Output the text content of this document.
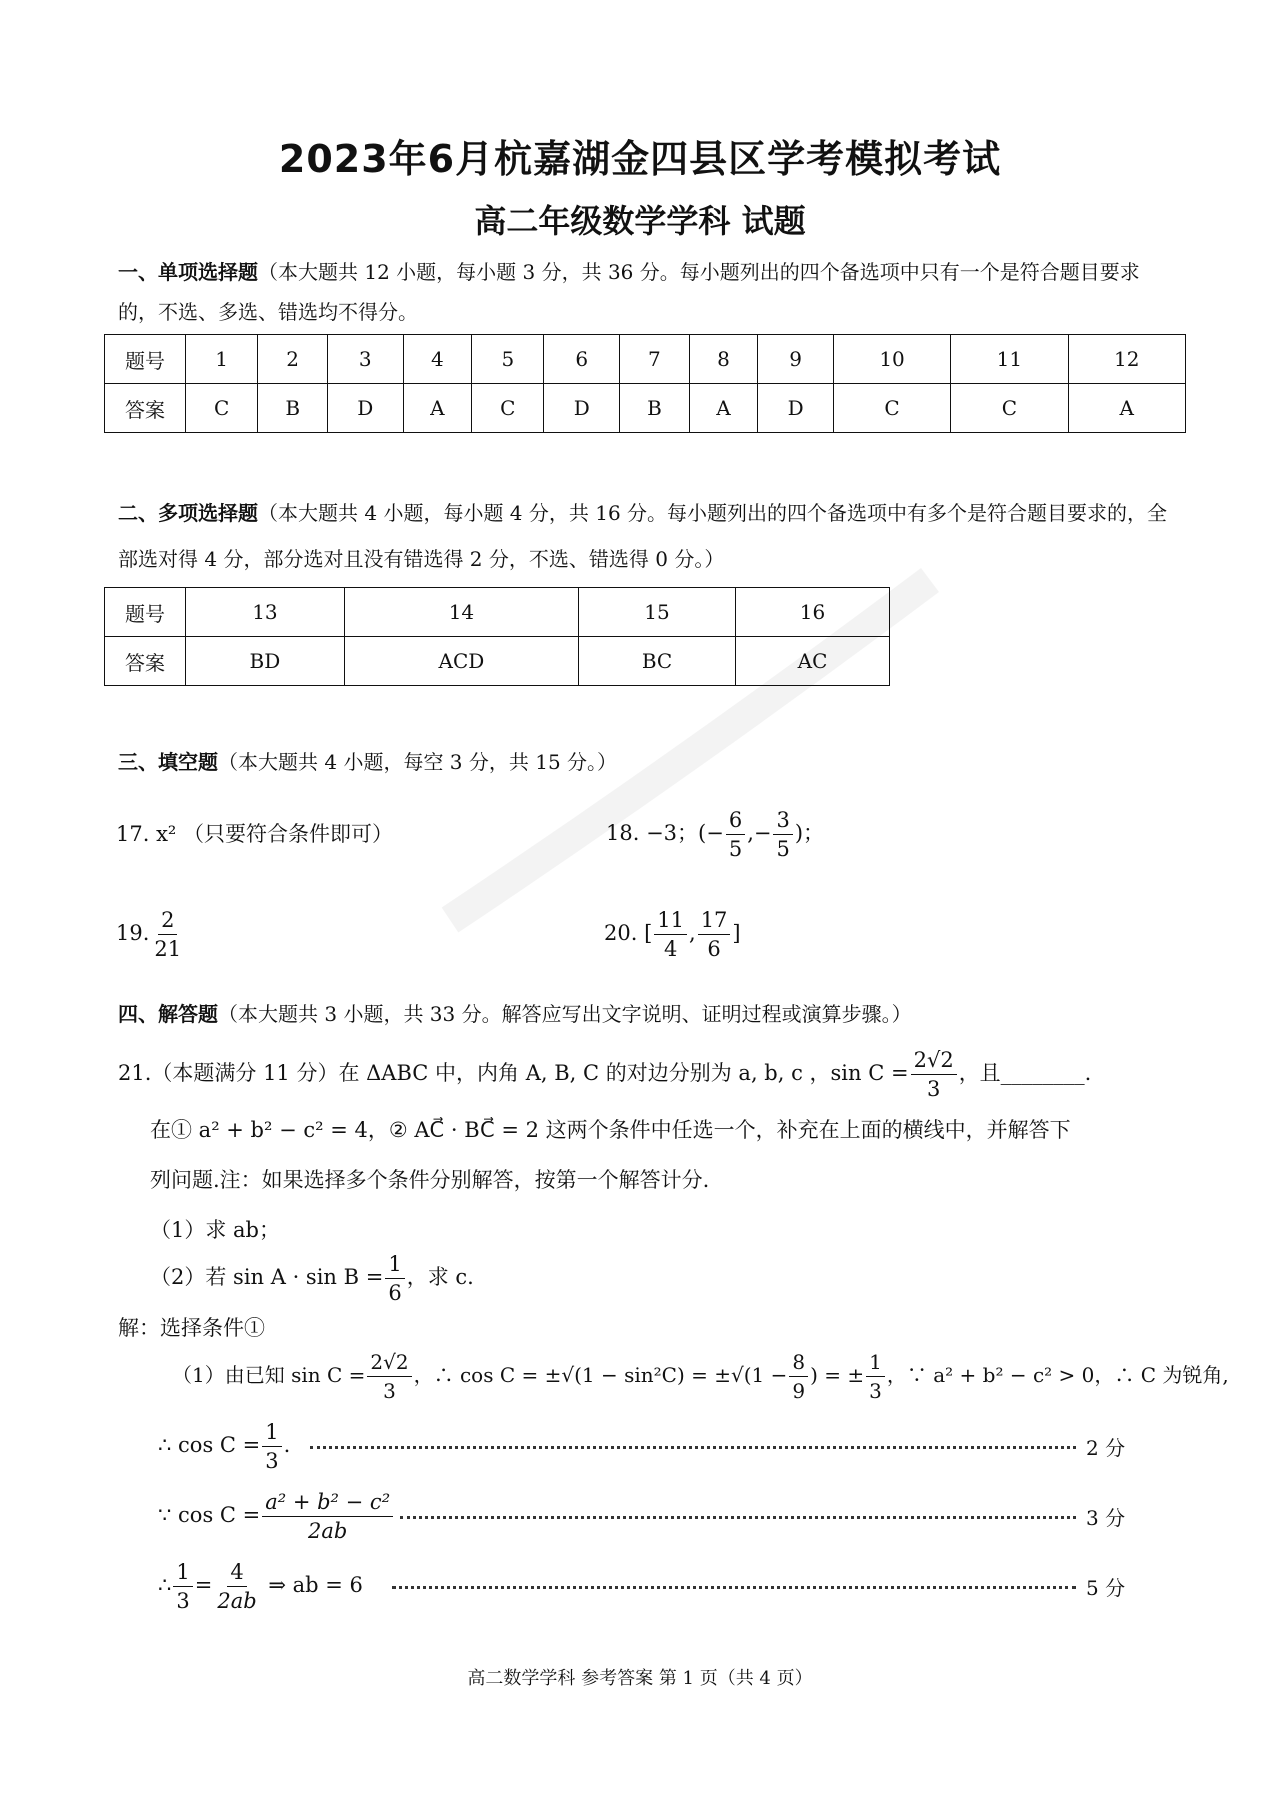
2023年6月杭嘉湖金四县区学考模拟考试
高二年级数学学科 试题
一、单项选择题（本大题共 12 小题，每小题 3 分，共 36 分。每小题列出的四个备选项中只有一个是符合题目要求的，不选、多选、错选均不得分。
题号	1	2	3	4	5	6	7	8	9	10	11	12
答案	C	B	D	A	C	D	B	A	D	C	C	A
二、多项选择题（本大题共 4 小题，每小题 4 分，共 16 分。每小题列出的四个备选项中有多个是符合题目要求的，全部选对得 4 分，部分选对且没有错选得 2 分，不选、错选得 0 分。）
题号	13	14	15	16
答案	BD	ACD	BC	AC
三、填空题（本大题共 4 小题，每空 3 分，共 15 分。）
17. x² （只要符合条件即可）	18. −3；(− $\frac{6}{5}$ ,− $\frac{3}{5}$ )；
19. $\frac{2}{21}$	20. [ $\frac{11}{4}$ , $\frac{17}{6}$ ]
四、解答题（本大题共 3 小题，共 33 分。解答应写出文字说明、证明过程或演算步骤。）
21.（本题满分 11 分）在 ΔABC 中，内角 A, B, C 的对边分别为 a, b, c ，$\sin C = \frac{2√2}{3}$ ，且________.
在① a² + b² − c² = 4，② AC⃗ · BC⃗ = 2 这两个条件中任选一个，补充在上面的横线中，并解答下
列问题.注：如果选择多个条件分别解答，按第一个解答计分.
（1）求 ab；
（2）若 $\sin A \cdot \sin B = \frac{1}{6}$ ，求 c.
解：选择条件①
（1）由已知 $\sin C = \frac{2√2}{3}$ ，∴ $\cos C = \pm√(1 - \sin^2C) = \pm√(1 - \frac{8}{9}$ ) = ± $\frac{1}{3}$ ，∵ a² + b² − c² > 0，∴ C 为锐角,
∴ $\cos C = \frac{1}{3}$ .	2 分
∵ $\cos C = \frac{\text{a² + b² − c²}}{2ab}$	3 分
∴ $\frac{1}{3} = \frac{4}{2ab}$ ⇒ ab = 6	5 分
高二数学学科 参考答案 第 1 页（共 4 页）
